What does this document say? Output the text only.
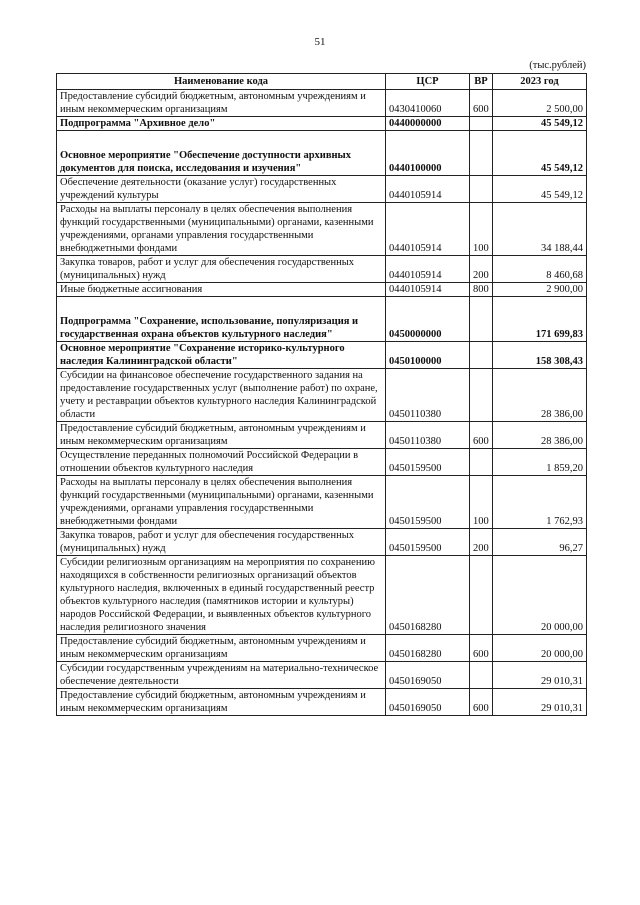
51
(тыс.рублей)
Наименование кода	ЦСР	ВР	2023 год
Предоставление субсидий бюджетным, автономным учреждениям и иным некоммерческим организациям	0430410060	600	2 500,00
Подпрограмма "Архивное дело"	0440000000		45 549,12
Основное мероприятие "Обеспечение доступности архивных документов для поиска, исследования и изучения"	0440100000		45 549,12
Обеспечение деятельности (оказание услуг) государственных учреждений культуры	0440105914		45 549,12
Расходы на выплаты персоналу в целях обеспечения выполнения функций государственными (муниципальными) органами, казенными учреждениями, органами управления государственными внебюджетными фондами	0440105914	100	34 188,44
Закупка товаров, работ и услуг для обеспечения государственных (муниципальных) нужд	0440105914	200	8 460,68
Иные бюджетные ассигнования	0440105914	800	2 900,00
Подпрограмма "Сохранение, использование, популяризация и государственная охрана объектов культурного наследия"	0450000000		171 699,83
Основное мероприятие "Сохранение историко-культурного наследия Калининградской области"	0450100000		158 308,43
Субсидии на финансовое обеспечение государственного задания на предоставление государственных услуг (выполнение работ) по охране, учету и реставрации объектов культурного наследия Калининградской области	0450110380		28 386,00
Предоставление субсидий бюджетным, автономным учреждениям и иным некоммерческим организациям	0450110380	600	28 386,00
Осуществление переданных полномочий Российской Федерации в отношении объектов культурного наследия	0450159500		1 859,20
Расходы на выплаты персоналу в целях обеспечения выполнения функций государственными (муниципальными) органами, казенными учреждениями, органами управления государственными внебюджетными фондами	0450159500	100	1 762,93
Закупка товаров, работ и услуг для обеспечения государственных (муниципальных) нужд	0450159500	200	96,27
Субсидии религиозным организациям на мероприятия по сохранению находящихся в собственности религиозных организаций объектов культурного наследия, включенных в единый государственный реестр объектов культурного наследия (памятников истории и культуры) народов Российской Федерации, и выявленных объектов культурного наследия религиозного значения	0450168280		20 000,00
Предоставление субсидий бюджетным, автономным учреждениям и иным некоммерческим организациям	0450168280	600	20 000,00
Субсидии государственным учреждениям на материально-техническое обеспечение деятельности	0450169050		29 010,31
Предоставление субсидий бюджетным, автономным учреждениям и иным некоммерческим организациям	0450169050	600	29 010,31
